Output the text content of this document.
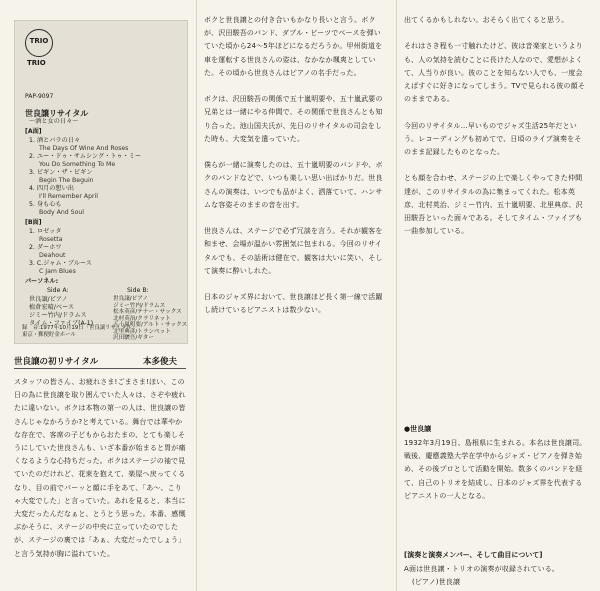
TRIO
TRIO
PAP-9097
世良譲リサイタル
〜酒と女の日々〜
[A面]
1. 酒とバラの日々
The Days Of Wine And Roses
2. ユー・ドゥ・サムシング・トゥ・ミー
You Do Something To Me
3. ビギン・ザ・ビギン
Begin The Beguin
4. 四月の想い出
I'll Remember April
5. 身も心も
Body And Soul
[B面]
1. ロゼッタ
Rosetta
2. ダーホワ
Deahout
3. C.ジャム・ブルース
C Jam Blues
パーソネル:
Side A:	Side B:
世良譲/ピアノ
植倉宏晴/ベース
ジミー竹内/ドラムス
タイム・ファイブ(A-1)
世良譲/ピアノ
ジミー竹内/ドラムス
松本英彦/テナー・サックス
北村英治/クラリネット
五十嵐明要/アルト・サックス
北里典彦/トランペット
沢田駿吾/ギター
世良譲の初リサイタル	本多俊夫
スタッフの皆さん、お疲れさま!ごまさま!ほい、この日の為に世良譲を取り囲んでいた人々は、さぞや疲れたに違いない。ボクは本物の第一の人は、世良譲の皆さんじゃなかろうか?と考えている。舞台では華やかな存在で、客席の子どもからおたまの、とても楽しそうにしていた世良さんも、いざ本番が始まると胃が痛くなるような心持ちだった。ボクはステージの袖で見ていたのだけれど、花束を抱えて、楽屋へ戻ってくるなり、目の前でパーッと顔に手をあて、「あ〜、こりゃ大変でした」と言っていた。あれを見ると、本当に大変だったんだなぁと、とうとう思った。本番、感慨ぶかそうに、ステージの中央に立っていたのでしたが、ステージの裏では「あぁ、大変だったでしょう」と言う気持が胸に溢れていた。
ボクと世良譲との付き合いもかなり長いと言う。ボクが、沢田駿吾のバンド、ダブル・ビーツでベースを弾いていた頃から24〜5年ほどになるだろうか。甲州街道を車を運転する世良さんの姿は、なかなか颯爽としていた。その頃から世良さんはピアノの名手だった。

ボクは、沢田駿吾の関係で五十嵐明要や、五十嵐武要の兄弟とは一緒にやる仲間で、その関係で世良さんとも知り合った。池山国夫氏が、先日のリサイタルの司会をした時も、大変気を遣っていた。

僕らが一緒に演奏したのは、五十嵐明要のバンドや、ボクのバンドなどで、いつも楽しい思い出ばかりだ。世良さんの演奏は、いつでも品がよく、洒落ていて、ハンサムな容姿そのままの音を出す。

世良さんは、ステージで必ず冗談を言う。それが観客を和ませ、会場が温かい雰囲気に包まれる。今回のリサイタルでも、その話術は健在で、観客は大いに笑い、そして演奏に酔いしれた。

日本のジャズ界において、世良譲ほど長く第一線で活躍し続けているピアニストは数少ない。
出てくるかもしれない。おそらく出てくると思う。

それはさき程も一寸触れたけど、彼は音楽家というよりも、人の気持を読むことに長けた人なので、愛想がよくて、人当りが良い。彼のことを知らない人でも、一度会えばすぐに好きになってしまう。TVで見られる彼の顔そのままである。

今回のリサイタル…早いものでジャズ生活25年だという。レコーディングも初めてで、日頃のライブ演奏をそのまま記録したものとなった。

とも顔を合わせ、ステージの上で楽しくやってきた仲間達が、このリサイタルの為に集まってくれた。松本英彦、北村英治、ジミー竹内、五十嵐明要、北里典彦、沢田駿吾といった面々である。そしてタイム・ファイブも一曲参加している。
●世良譲
1932年3月19日、島根県に生まれる。本名は世良譲司。戦後、慶應義塾大学在学中からジャズ・ピアノを弾き始め、その後プロとして活動を開始。数多くのバンドを経て、自己のトリオを結成し、日本のジャズ界を代表するピアニストの一人となる。
[演奏と演奏メンバー、そして曲目について]
A面は世良譲・トリオの演奏が収録されている。
(ピアノ)世良譲
録　音:1977年10月19日「世良譲リサイタル」
東京・郵便貯金ホール
